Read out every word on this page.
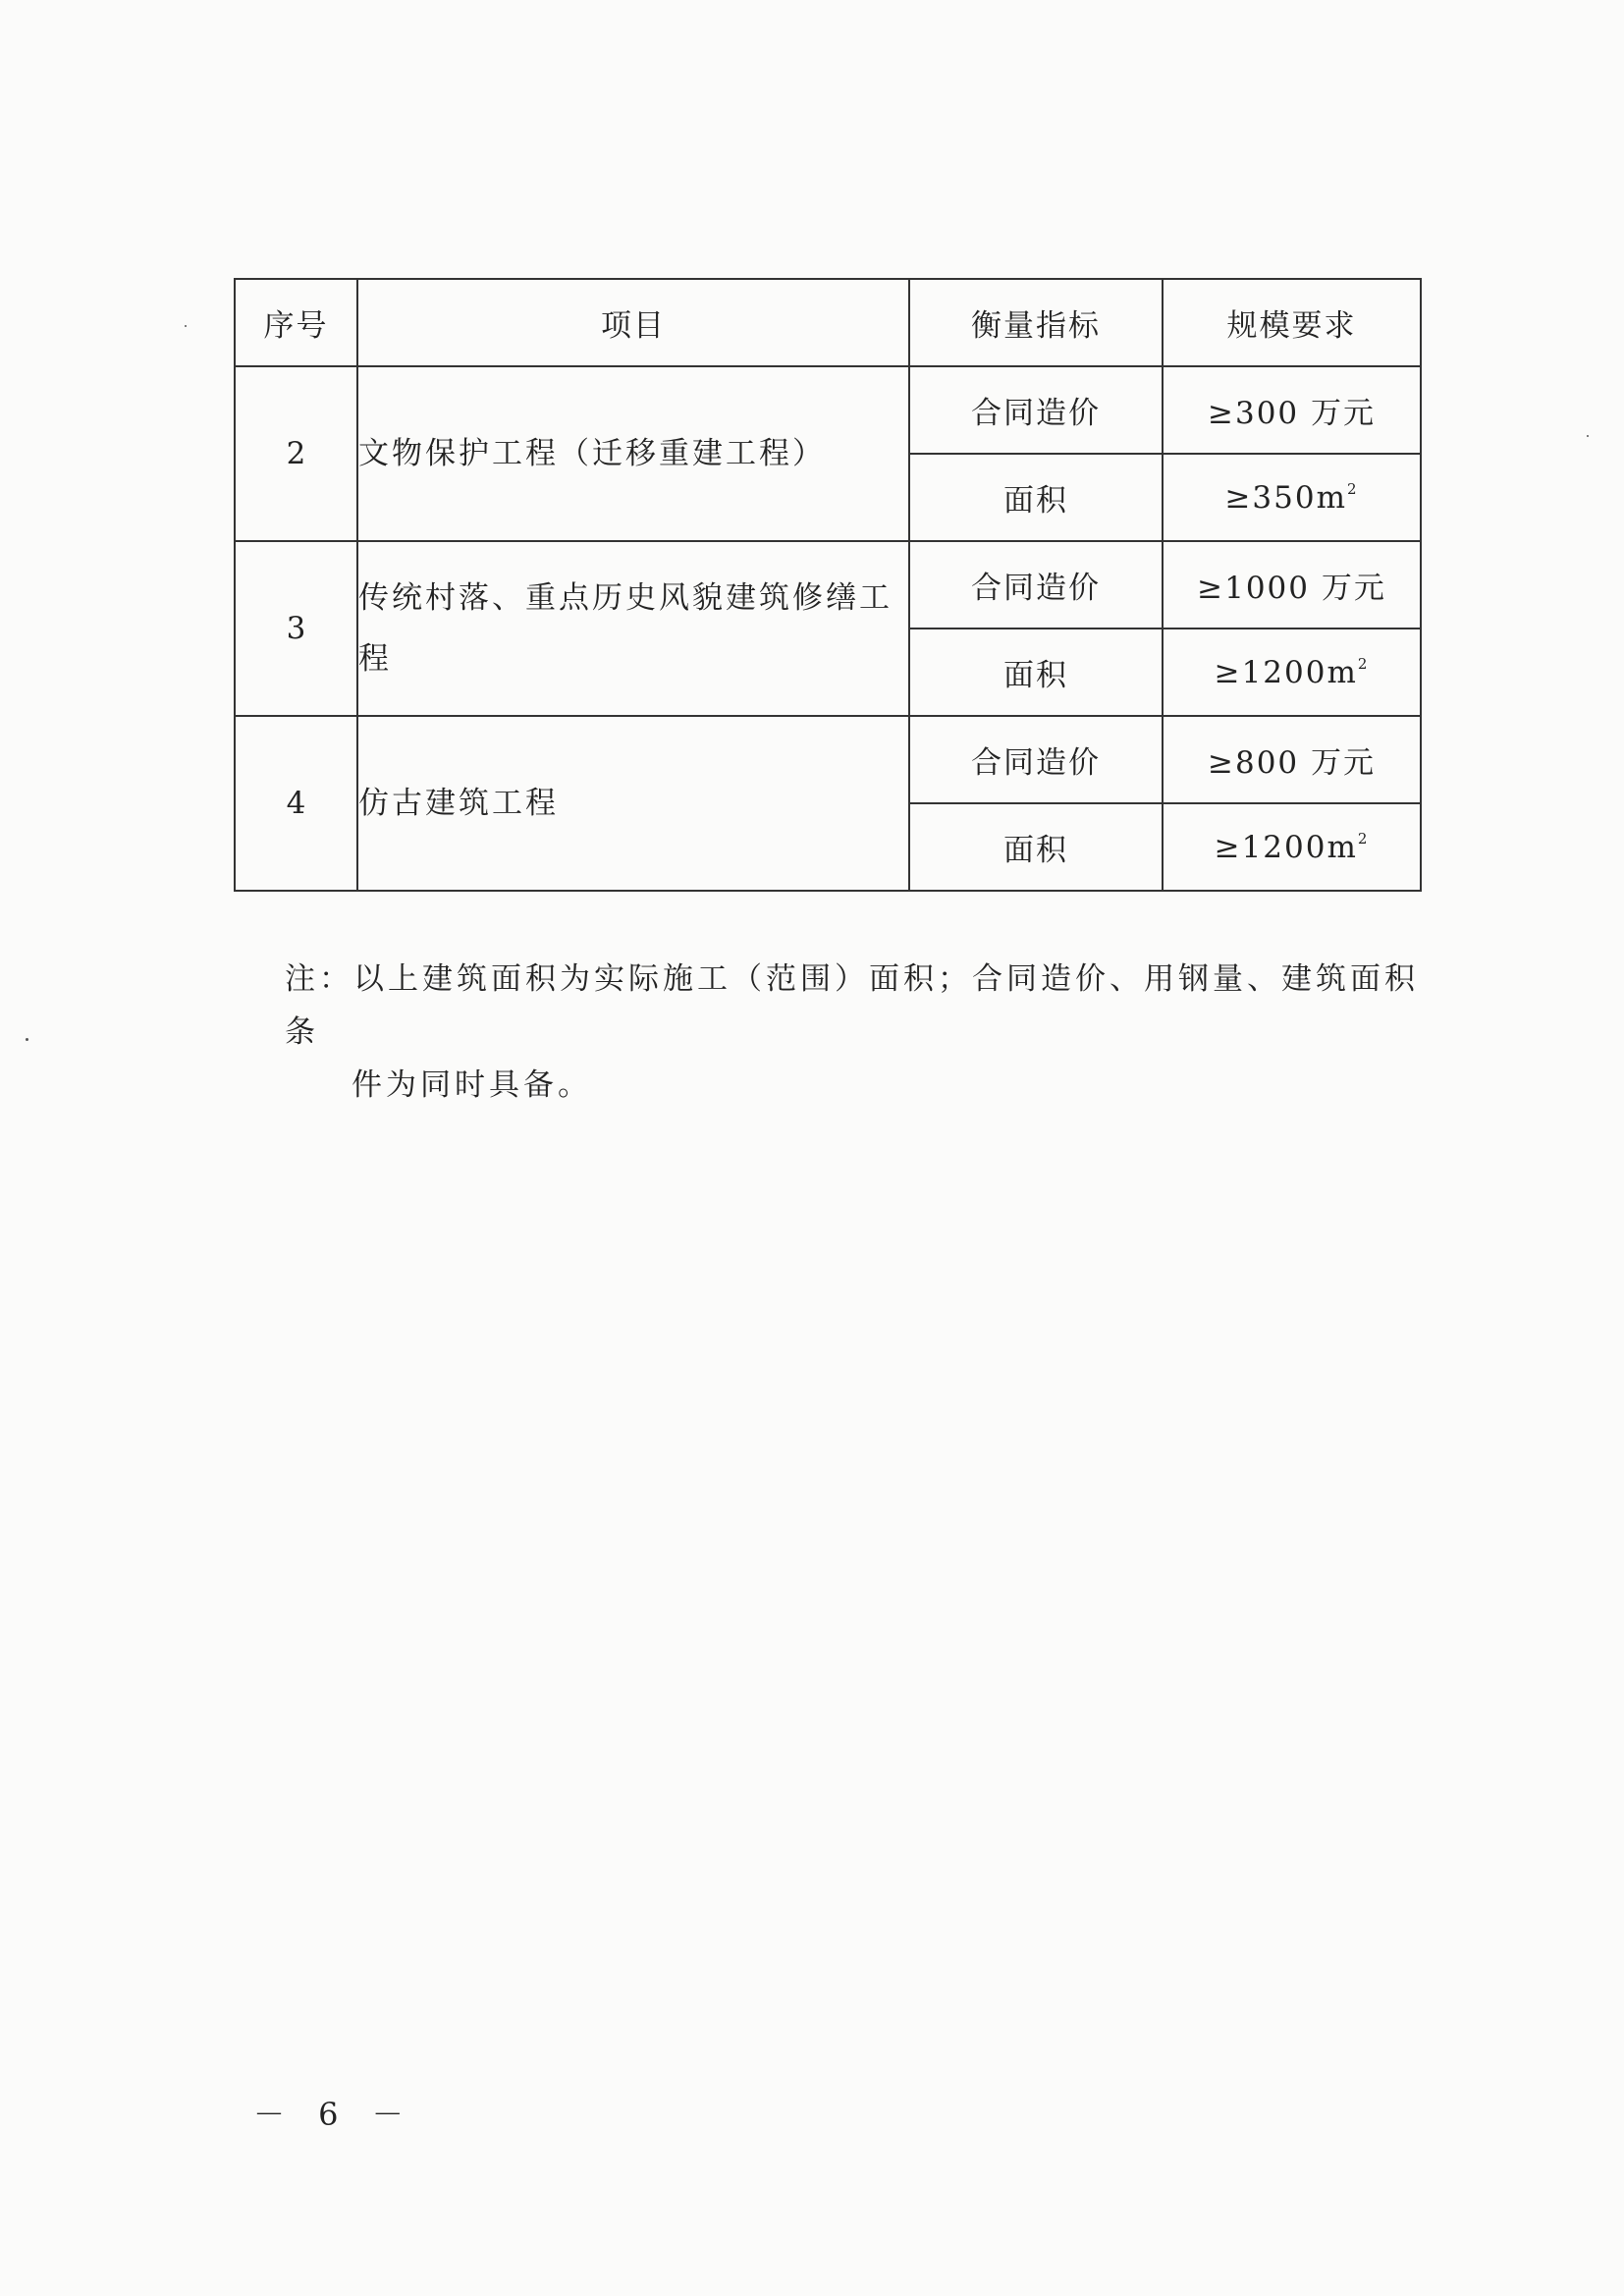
序号	项目	衡量指标	规模要求
2	文物保护工程（迁移重建工程）	合同造价	≥300 万元
		面积	$\ge 350m^2$
3	传统村落、重点历史风貌建筑修缮工程	合同造价	≥1000 万元
		面积	$\ge 1200m^2$
4	仿古建筑工程	合同造价	≥800 万元
		面积	$\ge 1200m^2$
注：以上建筑面积为实际施工（范围）面积；合同造价、用钢量、建筑面积条
件为同时具备。
－ 6 －
